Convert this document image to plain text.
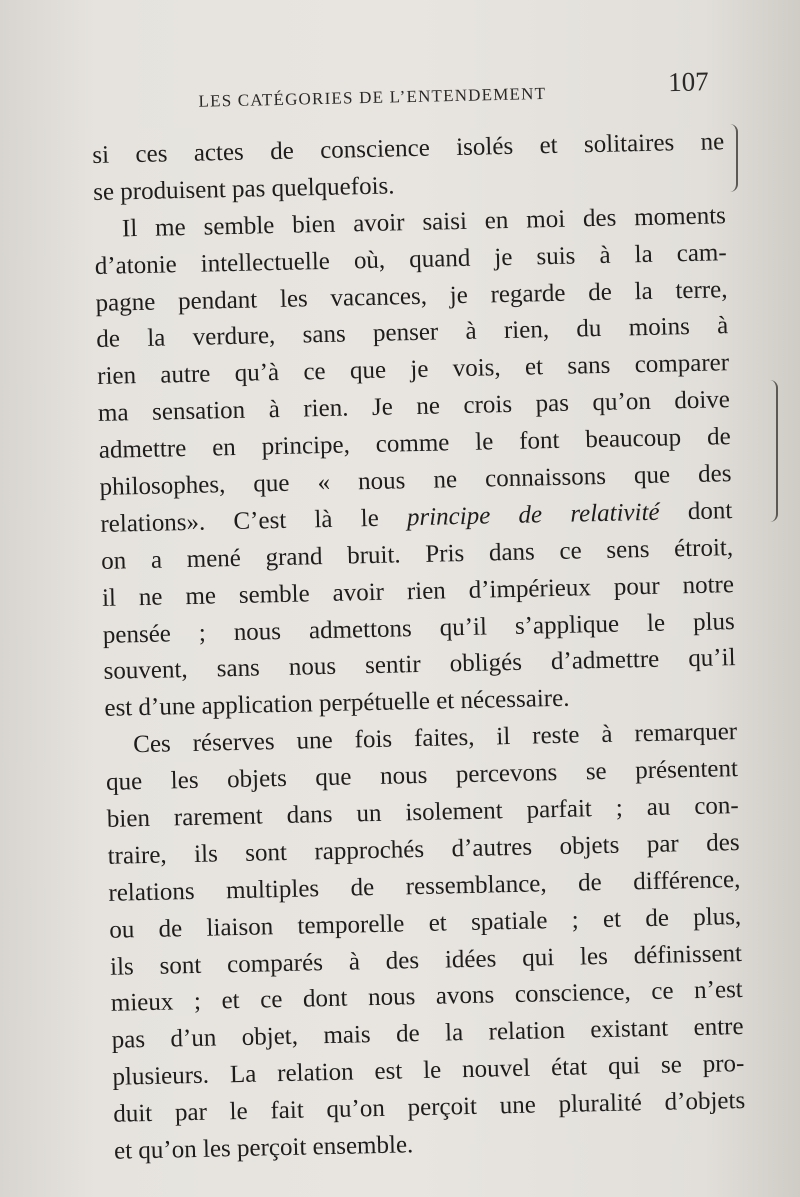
LES CATÉGORIES DE L’ENTENDEMENT
107
si ces actes de conscience isolés et solitaires ne
se produisent pas quelquefois.
Il me semble bien avoir saisi en moi des moments
d’atonie intellectuelle où, quand je suis à la cam-
pagne pendant les vacances, je regarde de la terre,
de la verdure, sans penser à rien, du moins à
rien autre qu’à ce que je vois, et sans comparer
ma sensation à rien. Je ne crois pas qu’on doive
admettre en principe, comme le font beaucoup de
philosophes, que « nous ne connaissons que des
relations». C’est là le principe de relativité dont
on a mené grand bruit. Pris dans ce sens étroit,
il ne me semble avoir rien d’impérieux pour notre
pensée ; nous admettons qu’il s’applique le plus
souvent, sans nous sentir obligés d’admettre qu’il
est d’une application perpétuelle et nécessaire.
Ces réserves une fois faites, il reste à remarquer
que les objets que nous percevons se présentent
bien rarement dans un isolement parfait ; au con-
traire, ils sont rapprochés d’autres objets par des
relations multiples de ressemblance, de différence,
ou de liaison temporelle et spatiale ; et de plus,
ils sont comparés à des idées qui les définissent
mieux ; et ce dont nous avons conscience, ce n’est
pas d’un objet, mais de la relation existant entre
plusieurs. La relation est le nouvel état qui se pro-
duit par le fait qu’on perçoit une pluralité d’objets
et qu’on les perçoit ensemble.
